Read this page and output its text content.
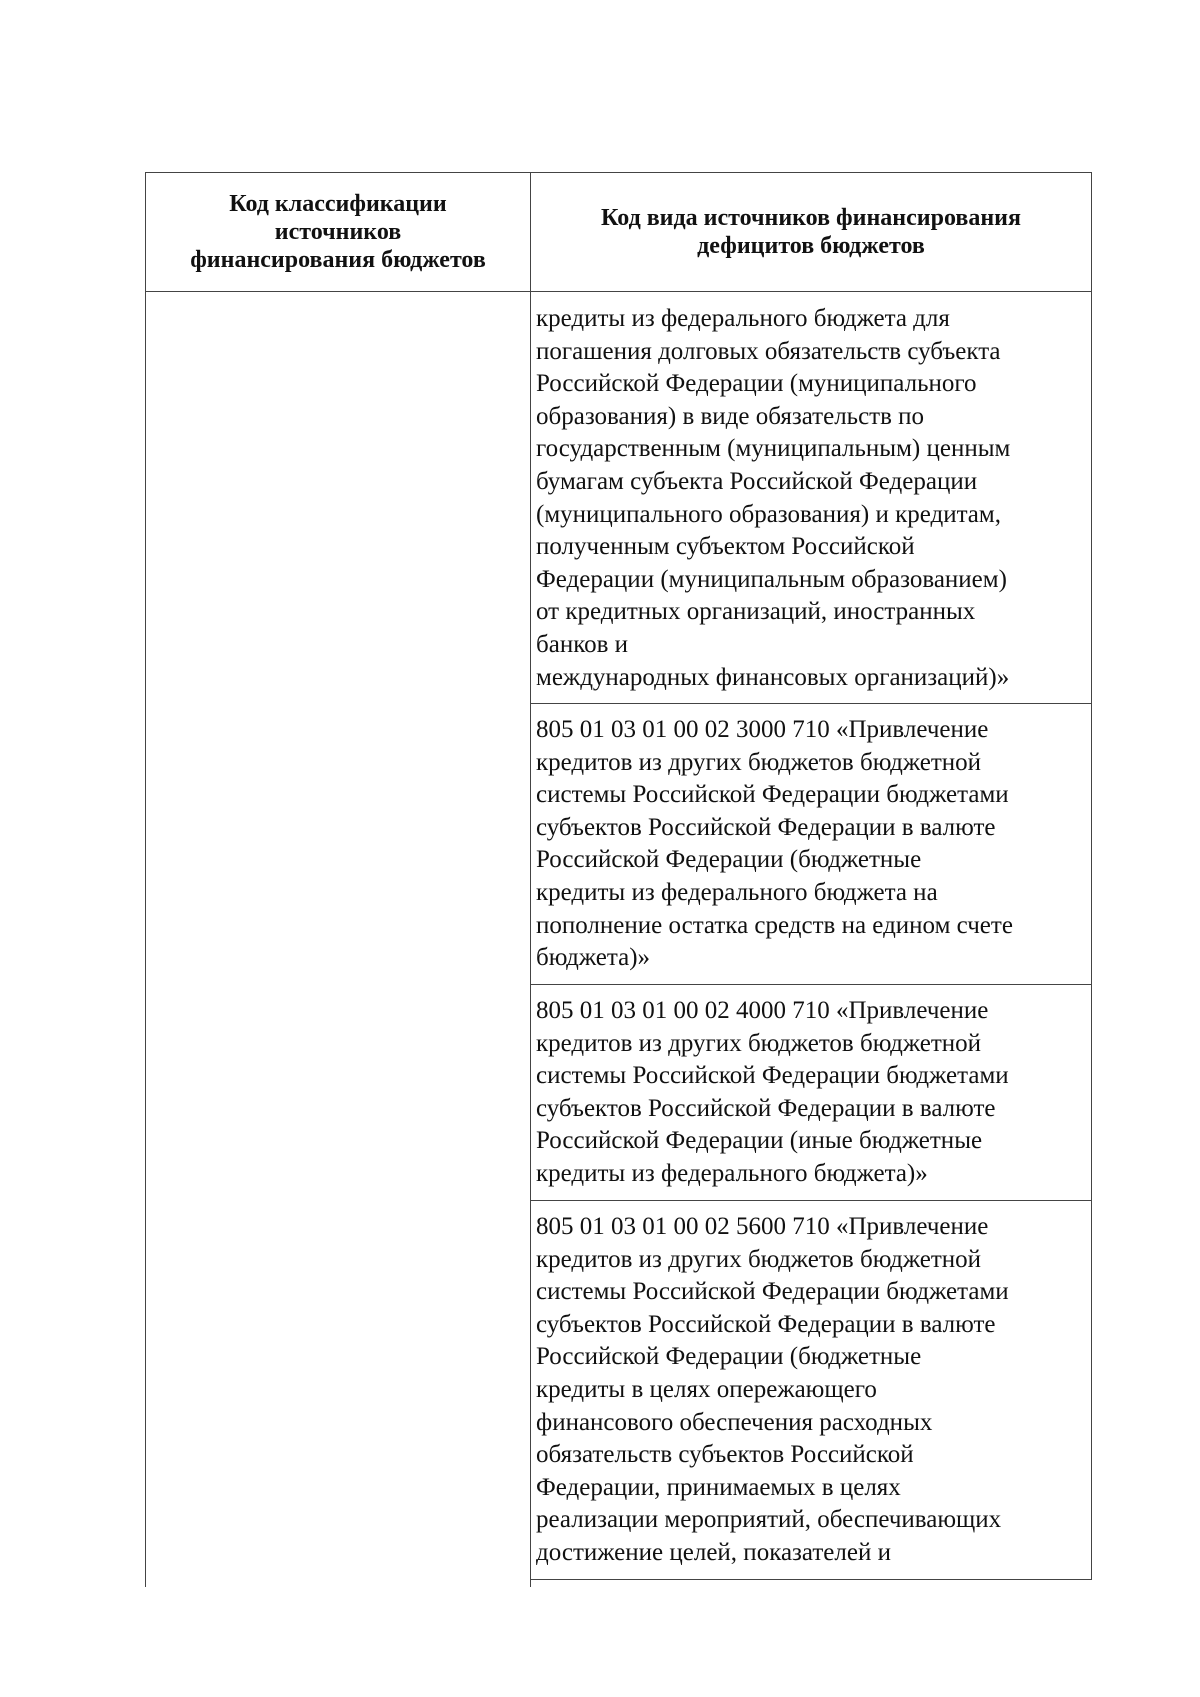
Код классификации
источников
финансирования бюджетов
Код вида источников финансирования
дефицитов бюджетов
кредиты из федерального бюджета для
погашения долговых обязательств субъекта
Российской Федерации (муниципального
образования) в виде обязательств по
государственным (муниципальным) ценным
бумагам субъекта Российской Федерации
(муниципального образования) и кредитам,
полученным субъектом Российской
Федерации (муниципальным образованием)
от кредитных организаций, иностранных
банков и
международных финансовых организаций)»
805 01 03 01 00 02 3000 710 «Привлечение
кредитов из других бюджетов бюджетной
системы Российской Федерации бюджетами
субъектов Российской Федерации в валюте
Российской Федерации (бюджетные
кредиты из федерального бюджета на
пополнение остатка средств на едином счете
бюджета)»
805 01 03 01 00 02 4000 710 «Привлечение
кредитов из других бюджетов бюджетной
системы Российской Федерации бюджетами
субъектов Российской Федерации в валюте
Российской Федерации (иные бюджетные
кредиты из федерального бюджета)»
805 01 03 01 00 02 5600 710 «Привлечение
кредитов из других бюджетов бюджетной
системы Российской Федерации бюджетами
субъектов Российской Федерации в валюте
Российской Федерации (бюджетные
кредиты в целях опережающего
финансового обеспечения расходных
обязательств субъектов Российской
Федерации, принимаемых в целях
реализации мероприятий, обеспечивающих
достижение целей, показателей и
